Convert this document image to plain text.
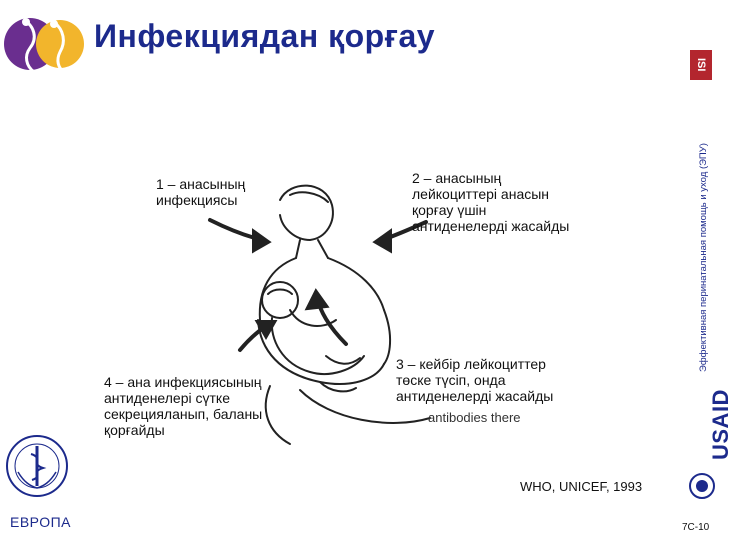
Инфекциядан қорғау
ISI
Эффективная перинатальная помощь и уход (ЭПУ)
USAID
1 – анасының
инфекциясы
2 – анасының
лейкоциттері анасын
қорғау үшін
антиденелерді жасайды
3 – кейбір лейкоциттер
төске түсіп, онда
антиденелерді жасайды
4 – ана инфекциясының
антиденелері сүтке
секрецияланып, баланы
қорғайды
antibodies there
WHO, UNICEF, 1993
ЕВРОПА	7C-10
